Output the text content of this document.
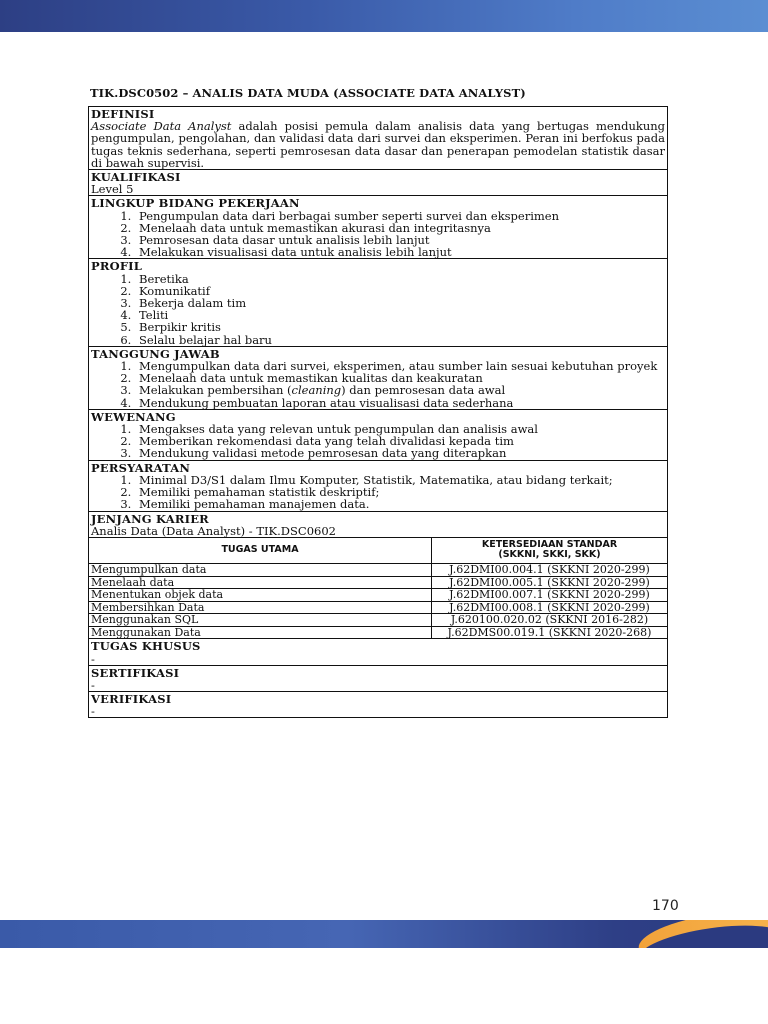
TIK.DSC0502 – ANALIS DATA MUDA (ASSOCIATE DATA ANALYST)
DEFINISI

Associate Data Analyst adalah posisi pemula dalam analisis data yang bertugas mendukung pengumpulan, pengolahan, dan validasi data dari survei dan eksperimen. Peran ini berfokus pada tugas teknis sederhana, seperti pemrosesan data dasar dan penerapan pemodelan statistik dasar di bawah supervisi.

KUALIFIKASI

Level 5

LINGKUP BIDANG PEKERJAAN
1. Pengumpulan data dari berbagai sumber seperti survei dan eksperimen
2. Menelaah data untuk memastikan akurasi dan integritasnya
3. Pemrosesan data dasar untuk analisis lebih lanjut
4. Melakukan visualisasi data untuk analisis lebih lanjut
PROFIL
1. Beretika
2. Komunikatif
3. Bekerja dalam tim
4. Teliti
5. Berpikir kritis
6. Selalu belajar hal baru
TANGGUNG JAWAB
1. Mengumpulkan data dari survei, eksperimen, atau sumber lain sesuai kebutuhan proyek
2. Menelaah data untuk memastikan kualitas dan keakuratan
3. Melakukan pembersihan (cleaning) dan pemrosesan data awal
4. Mendukung pembuatan laporan atau visualisasi data sederhana
WEWENANG
1. Mengakses data yang relevan untuk pengumpulan dan analisis awal
2. Memberikan rekomendasi data yang telah divalidasi kepada tim
3. Mendukung validasi metode pemrosesan data yang diterapkan
PERSYARATAN
1. Minimal D3/S1 dalam Ilmu Komputer, Statistik, Matematika, atau bidang terkait;
2. Memiliki pemahaman statistik deskriptif;
3. Memiliki pemahaman manajemen data.
JENJANG KARIER

Analis Data (Data Analyst) - TIK.DSC0602

TUGAS UTAMA	KETERSEDIAAN STANDAR
(SKKNI, SKKI, SKK)
Mengumpulkan data	J.62DMI00.004.1 (SKKNI 2020-299)
Menelaah data	J.62DMI00.005.1 (SKKNI 2020-299)
Menentukan objek data	J.62DMI00.007.1 (SKKNI 2020-299)
Membersihkan Data	J.62DMI00.008.1 (SKKNI 2020-299)
Menggunakan SQL	J.620100.020.02 (SKKNI 2016-282)
Menggunakan Data	J.62DMS00.019.1 (SKKNI 2020-268)
TUGAS KHUSUS

-

SERTIFIKASI

-

VERIFIKASI

-

170
